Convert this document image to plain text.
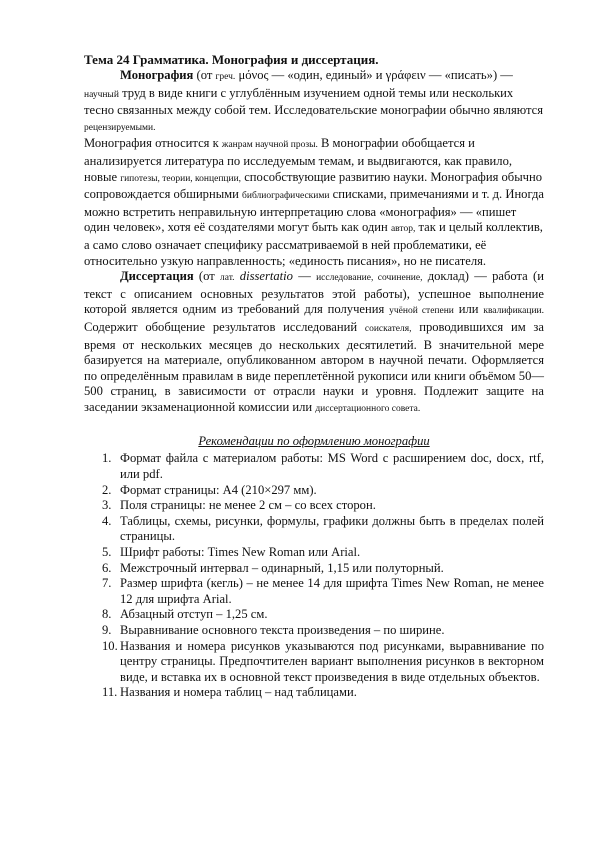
Тема 24 Грамматика. Монография и диссертация.

Монография (от греч. μόνος — «один, единый» и γράφειν — «писать») — научный труд в виде книги с углублённым изучением одной темы или нескольких тесно связанных между собой тем. Исследовательские монографии обычно являются рецензируемыми.

Монография относится к жанрам научной прозы. В монографии обобщается и анализируется литература по исследуемым темам, и выдвигаются, как правило, новые гипотезы, теории, концепции, способствующие развитию науки. Монография обычно сопровождается обширными библиографическими списками, примечаниями и т. д. Иногда можно встретить неправильную интерпретацию слова «монография» — «пишет один человек», хотя её создателями могут быть как один автор, так и целый коллектив, а само слово означает специфику рассматриваемой в ней проблематики, её относительно узкую направленность; «единость писания», но не писателя.

Диссертация (от лат. dissertatio — исследование, сочинение, доклад) — работа (и текст с описанием основных результатов этой работы), успешное выполнение которой является одним из требований для получения учёной степени или квалификации. Содержит обобщение результатов исследований соискателя, проводившихся им за время от нескольких месяцев до нескольких десятилетий. В значительной мере базируется на материале, опубликованном автором в научной печати. Оформляется по определённым правилам в виде переплетённой рукописи или книги объёмом 50—500 страниц, в зависимости от отрасли науки и уровня. Подлежит защите на заседании экзаменационной комиссии или диссертационного совета.

Рекомендации по оформлению монографии

1. Формат файла с материалом работы: MS Word с расширением doc, docx, rtf, или pdf.
2. Формат страницы: А4 (210×297 мм).
3. Поля страницы: не менее 2 см – со всех сторон.
4. Таблицы, схемы, рисунки, формулы, графики должны быть в пределах полей страницы.
5. Шрифт работы: Times New Roman или Arial.
6. Межстрочный интервал – одинарный, 1,15 или полуторный.
7. Размер шрифта (кегль) – не менее 14 для шрифта Times New Roman, не менее 12 для шрифта Arial.
8. Абзацный отступ – 1,25 см.
9. Выравнивание основного текста произведения – по ширине.
10. Названия и номера рисунков указываются под рисунками, выравнивание по центру страницы. Предпочтителен вариант выполнения рисунков в векторном виде, и вставка их в основной текст произведения в виде отдельных объектов.
11. Названия и номера таблиц – над таблицами.
